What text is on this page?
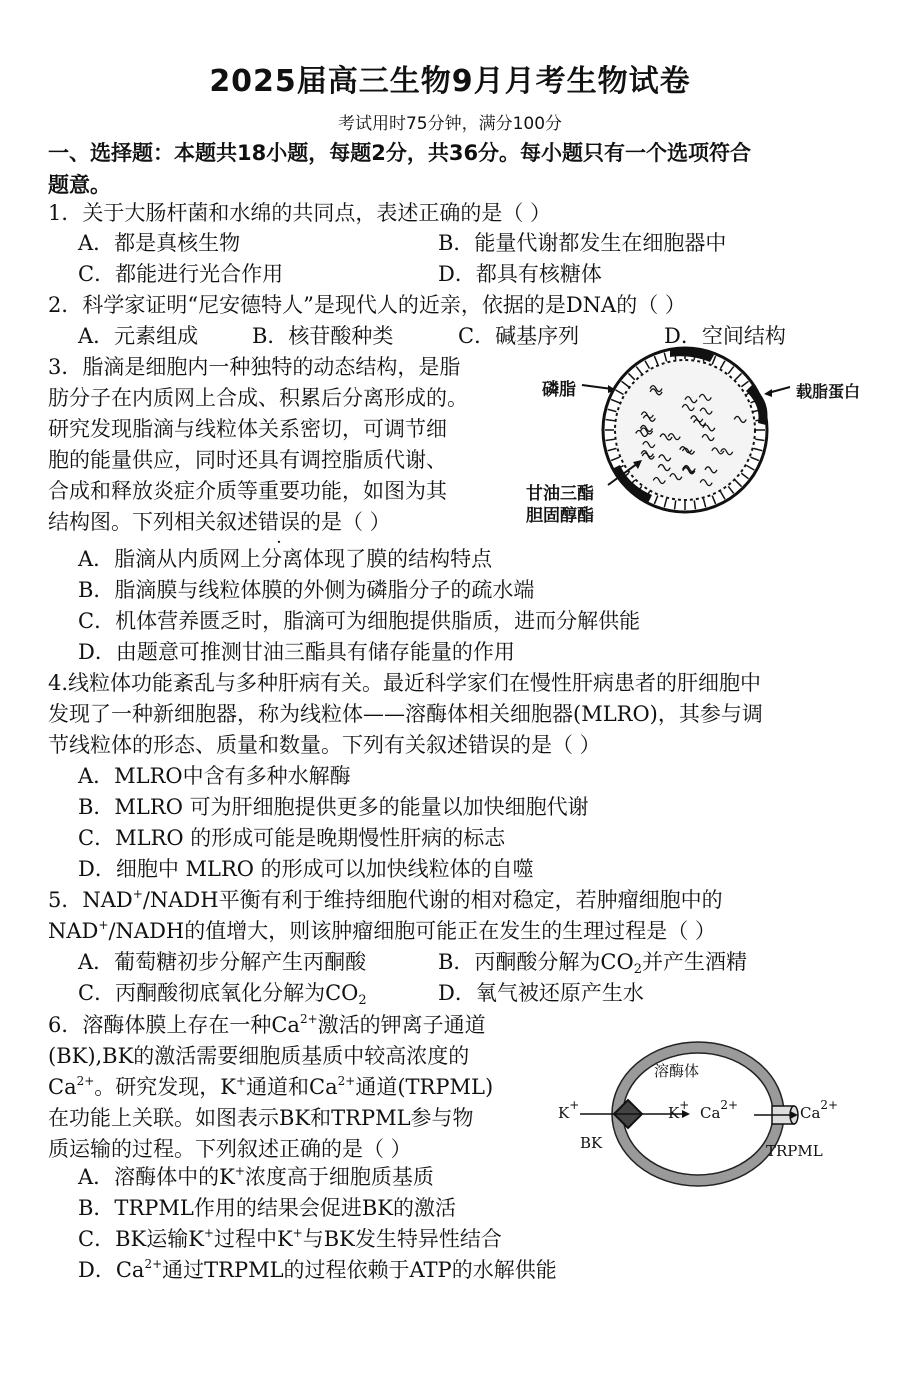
2025届高三生物9月月考生物试卷
考试用时75分钟，满分100分
一、选择题：本题共18小题，每题2分，共36分。每小题只有一个选项符合
题意。
1．关于大肠杆菌和水绵的共同点，表述正确的是（ ）
A．都是真核生物	B．能量代谢都发生在细胞器中
C．都能进行光合作用	D．都具有核糖体
2．科学家证明“尼安德特人”是现代人的近亲，依据的是DNA的（ ）
A．元素组成	B．核苷酸种类	C．碱基序列	D．空间结构
3．脂滴是细胞内一种独特的动态结构，是脂
肪分子在内质网上合成、积累后分离形成的。
研究发现脂滴与线粒体关系密切，可调节细
胞的能量供应，同时还具有调控脂质代谢、
合成和释放炎症介质等重要功能，如图为其
结构图。下列相关叙述错误的是（ ）
磷脂	载脂蛋白
甘油三酯
胆固醇酯
A．脂滴从内质网上分离体现了膜的结构特点
B．脂滴膜与线粒体膜的外侧为磷脂分子的疏水端
C．机体营养匮乏时，脂滴可为细胞提供脂质，进而分解供能
D．由题意可推测甘油三酯具有储存能量的作用
4.线粒体功能紊乱与多种肝病有关。最近科学家们在慢性肝病患者的肝细胞中
发现了一种新细胞器，称为线粒体——溶酶体相关细胞器(MLRO)，其参与调
节线粒体的形态、质量和数量。下列有关叙述错误的是（ ）
A．MLRO中含有多种水解酶
B．MLRO 可为肝细胞提供更多的能量以加快细胞代谢
C．MLRO 的形成可能是晚期慢性肝病的标志
D．细胞中 MLRO 的形成可以加快线粒体的自噬
5．NAD+/NADH平衡有利于维持细胞代谢的相对稳定，若肿瘤细胞中的
NAD+/NADH的值增大，则该肿瘤细胞可能正在发生的生理过程是（ ）
A．葡萄糖初步分解产生丙酮酸	B．丙酮酸分解为$CO_2$并产生酒精
C．丙酮酸彻底氧化分解为$CO_2$	D．氧气被还原产生水
6．溶酶体膜上存在一种$Ca^{2+}$激活的钾离子通道
(BK),BK的激活需要细胞质基质中较高浓度的
$Ca^{2+}$。研究发现，K+通道和$Ca^{2+}$通道(TRPML)
在功能上关联。如图表示BK和TRPML参与物
质运输的过程。下列叙述正确的是（ ）
溶酶体
K+	K+ $Ca^{2+}$	$Ca^{2+}$
BK	TRPML
A．溶酶体中的K+浓度高于细胞质基质
B．TRPML作用的结果会促进BK的激活
C．BK运输K+过程中K+与BK发生特异性结合
D．$Ca^{2+}$通过TRPML的过程依赖于ATP的水解供能
